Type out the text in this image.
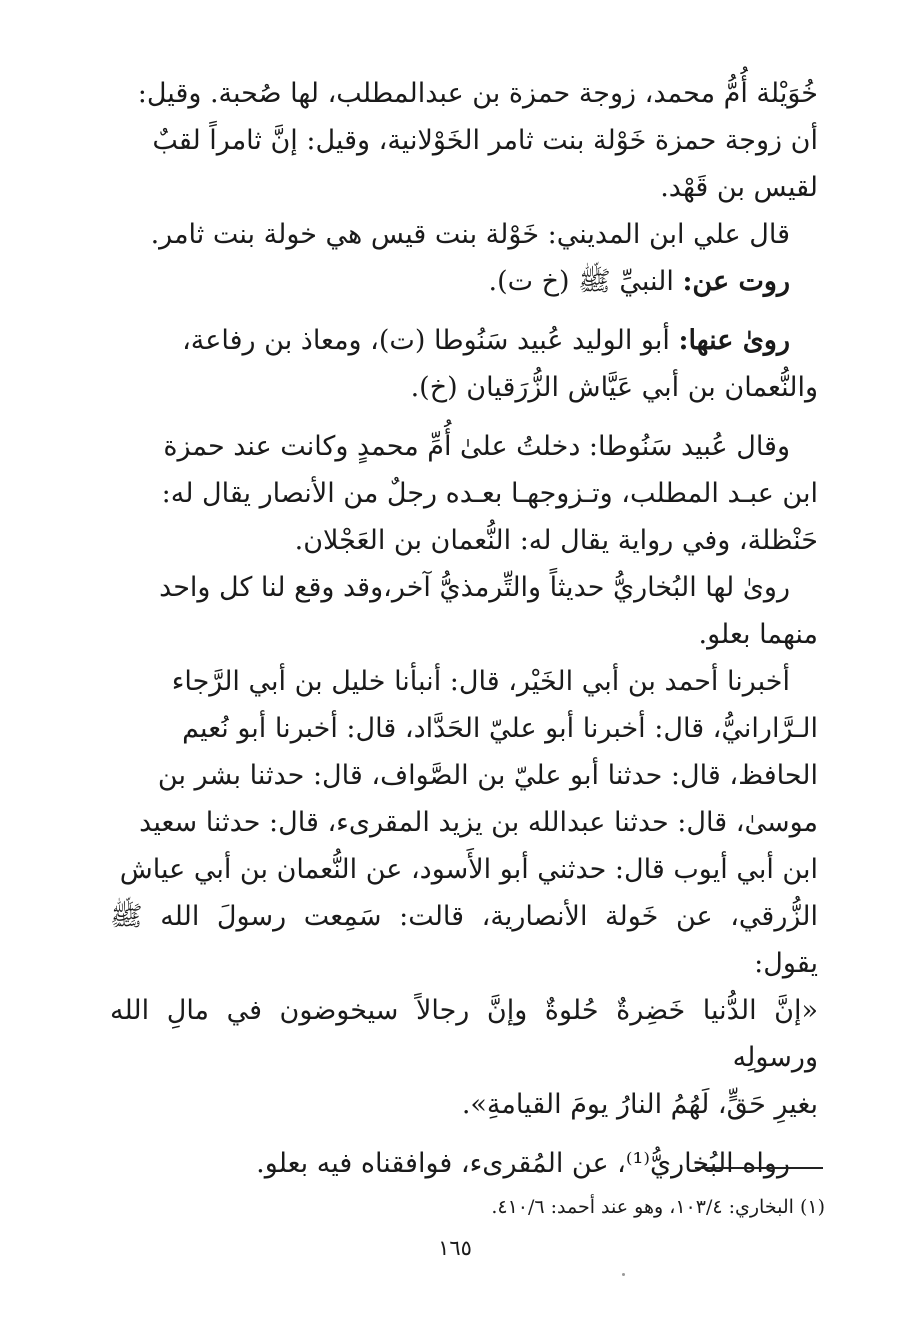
خُوَيْلة أُمُّ محمد، زوجة حمزة بن عبدالمطلب، لها صُحبة. وقيل:
أن زوجة حمزة خَوْلة بنت ثامر الخَوْلانية، وقيل: إنَّ ثامراً لقبٌ
لقيس بن قَهْد.

قال علي ابن المديني: خَوْلة بنت قيس هي خولة بنت ثامر.

روت عن: النبيِّ ﷺ (خ ت).

روىٰ عنها: أبو الوليد عُبيد سَنُوطا (ت)، ومعاذ بن رفاعة،
والنُّعمان بن أبي عَيَّاش الزُّرَقيان (خ).

وقال عُبيد سَنُوطا: دخلتُ علىٰ أُمِّ محمدٍ وكانت عند حمزة
ابن عبـد المطلب، وتـزوجهـا بعـده رجلٌ من الأنصار يقال له:
حَنْظلة، وفي رواية يقال له: النُّعمان بن العَجْلان.

روىٰ لها البُخاريُّ حديثاً والتِّرمذيُّ آخر،وقد وقع لنا كل واحد
منهما بعلو.

أخبرنا أحمد بن أبي الخَيْر، قال: أنبأنا خليل بن أبي الرَّجاء
الـرَّارانيُّ، قال: أخبرنا أبو عليّ الحَدَّاد، قال: أخبرنا أبو نُعيم
الحافظ، قال: حدثنا أبو عليّ بن الصَّواف، قال: حدثنا بشر بن
موسىٰ، قال: حدثنا عبدالله بن يزيد المقرىء، قال: حدثنا سعيد
ابن أبي أيوب قال: حدثني أبو الأَسود، عن النُّعمان بن أبي عياش
الزُّرقي، عن خَولة الأنصارية، قالت: سَمِعت رسولَ الله ﷺ يقول:
«إنَّ الدُّنيا خَضِرةٌ حُلوةٌ وإنَّ رجالاً سيخوضون في مالِ الله ورسولِه
بغيرِ حَقٍّ، لَهُمُ النارُ يومَ القيامةِ».

رواه البُخاريُّ⁽¹⁾، عن المُقرىء، فوافقناه فيه بعلو.

(١) البخاري: ١٠٣/٤، وهو عند أحمد: ٤١٠/٦.
١٦٥
